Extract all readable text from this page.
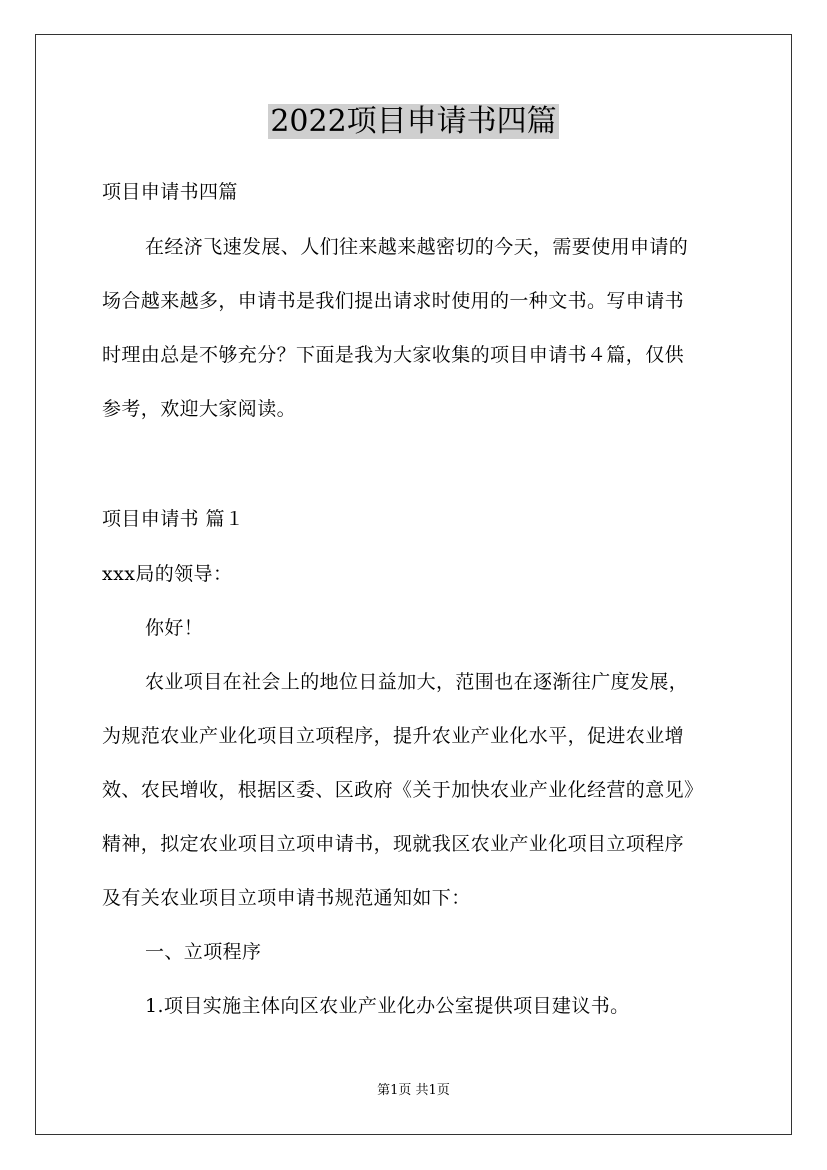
2022项目申请书四篇
项目申请书四篇
在经济飞速发展、人们往来越来越密切的今天，需要使用申请的
场合越来越多，申请书是我们提出请求时使用的一种文书。写申请书
时理由总是不够充分？下面是我为大家收集的项目申请书４篇，仅供
参考，欢迎大家阅读。
项目申请书 篇１
xxx局的领导：
你好！
农业项目在社会上的地位日益加大，范围也在逐渐往广度发展，
为规范农业产业化项目立项程序，提升农业产业化水平，促进农业增
效、农民增收，根据区委、区政府《关于加快农业产业化经营的意见》
精神，拟定农业项目立项申请书，现就我区农业产业化项目立项程序
及有关农业项目立项申请书规范通知如下：
一、立项程序
1.项目实施主体向区农业产业化办公室提供项目建议书。
第1页 共1页
